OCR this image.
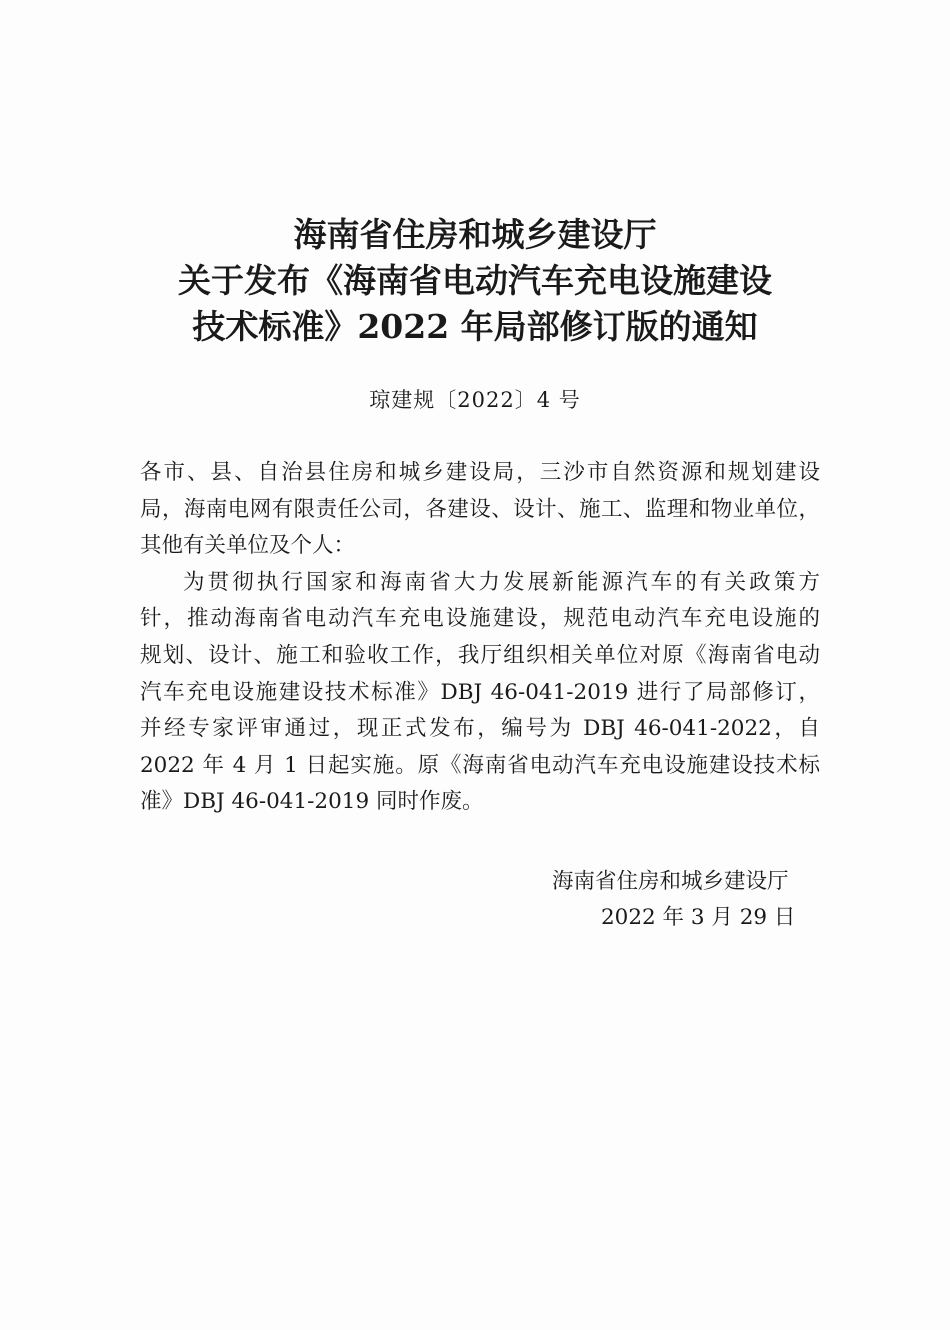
海南省住房和城乡建设厅
关于发布《海南省电动汽车充电设施建设
技术标准》2022 年局部修订版的通知
琼建规〔2022〕4 号
各市、县、自治县住房和城乡建设局，三沙市自然资源和规划建设
局，海南电网有限责任公司，各建设、设计、施工、监理和物业单位，
其他有关单位及个人：
为贯彻执行国家和海南省大力发展新能源汽车的有关政策方
针，推动海南省电动汽车充电设施建设，规范电动汽车充电设施的
规划、设计、施工和验收工作，我厅组织相关单位对原《海南省电动
汽车充电设施建设技术标准》DBJ 46-041-2019 进行了局部修订，
并经专家评审通过，现正式发布，编号为 DBJ 46-041-2022，自
2022 年 4 月 1 日起实施。原《海南省电动汽车充电设施建设技术标
准》DBJ 46-041-2019 同时作废。
海南省住房和城乡建设厅
2022 年 3 月 29 日
